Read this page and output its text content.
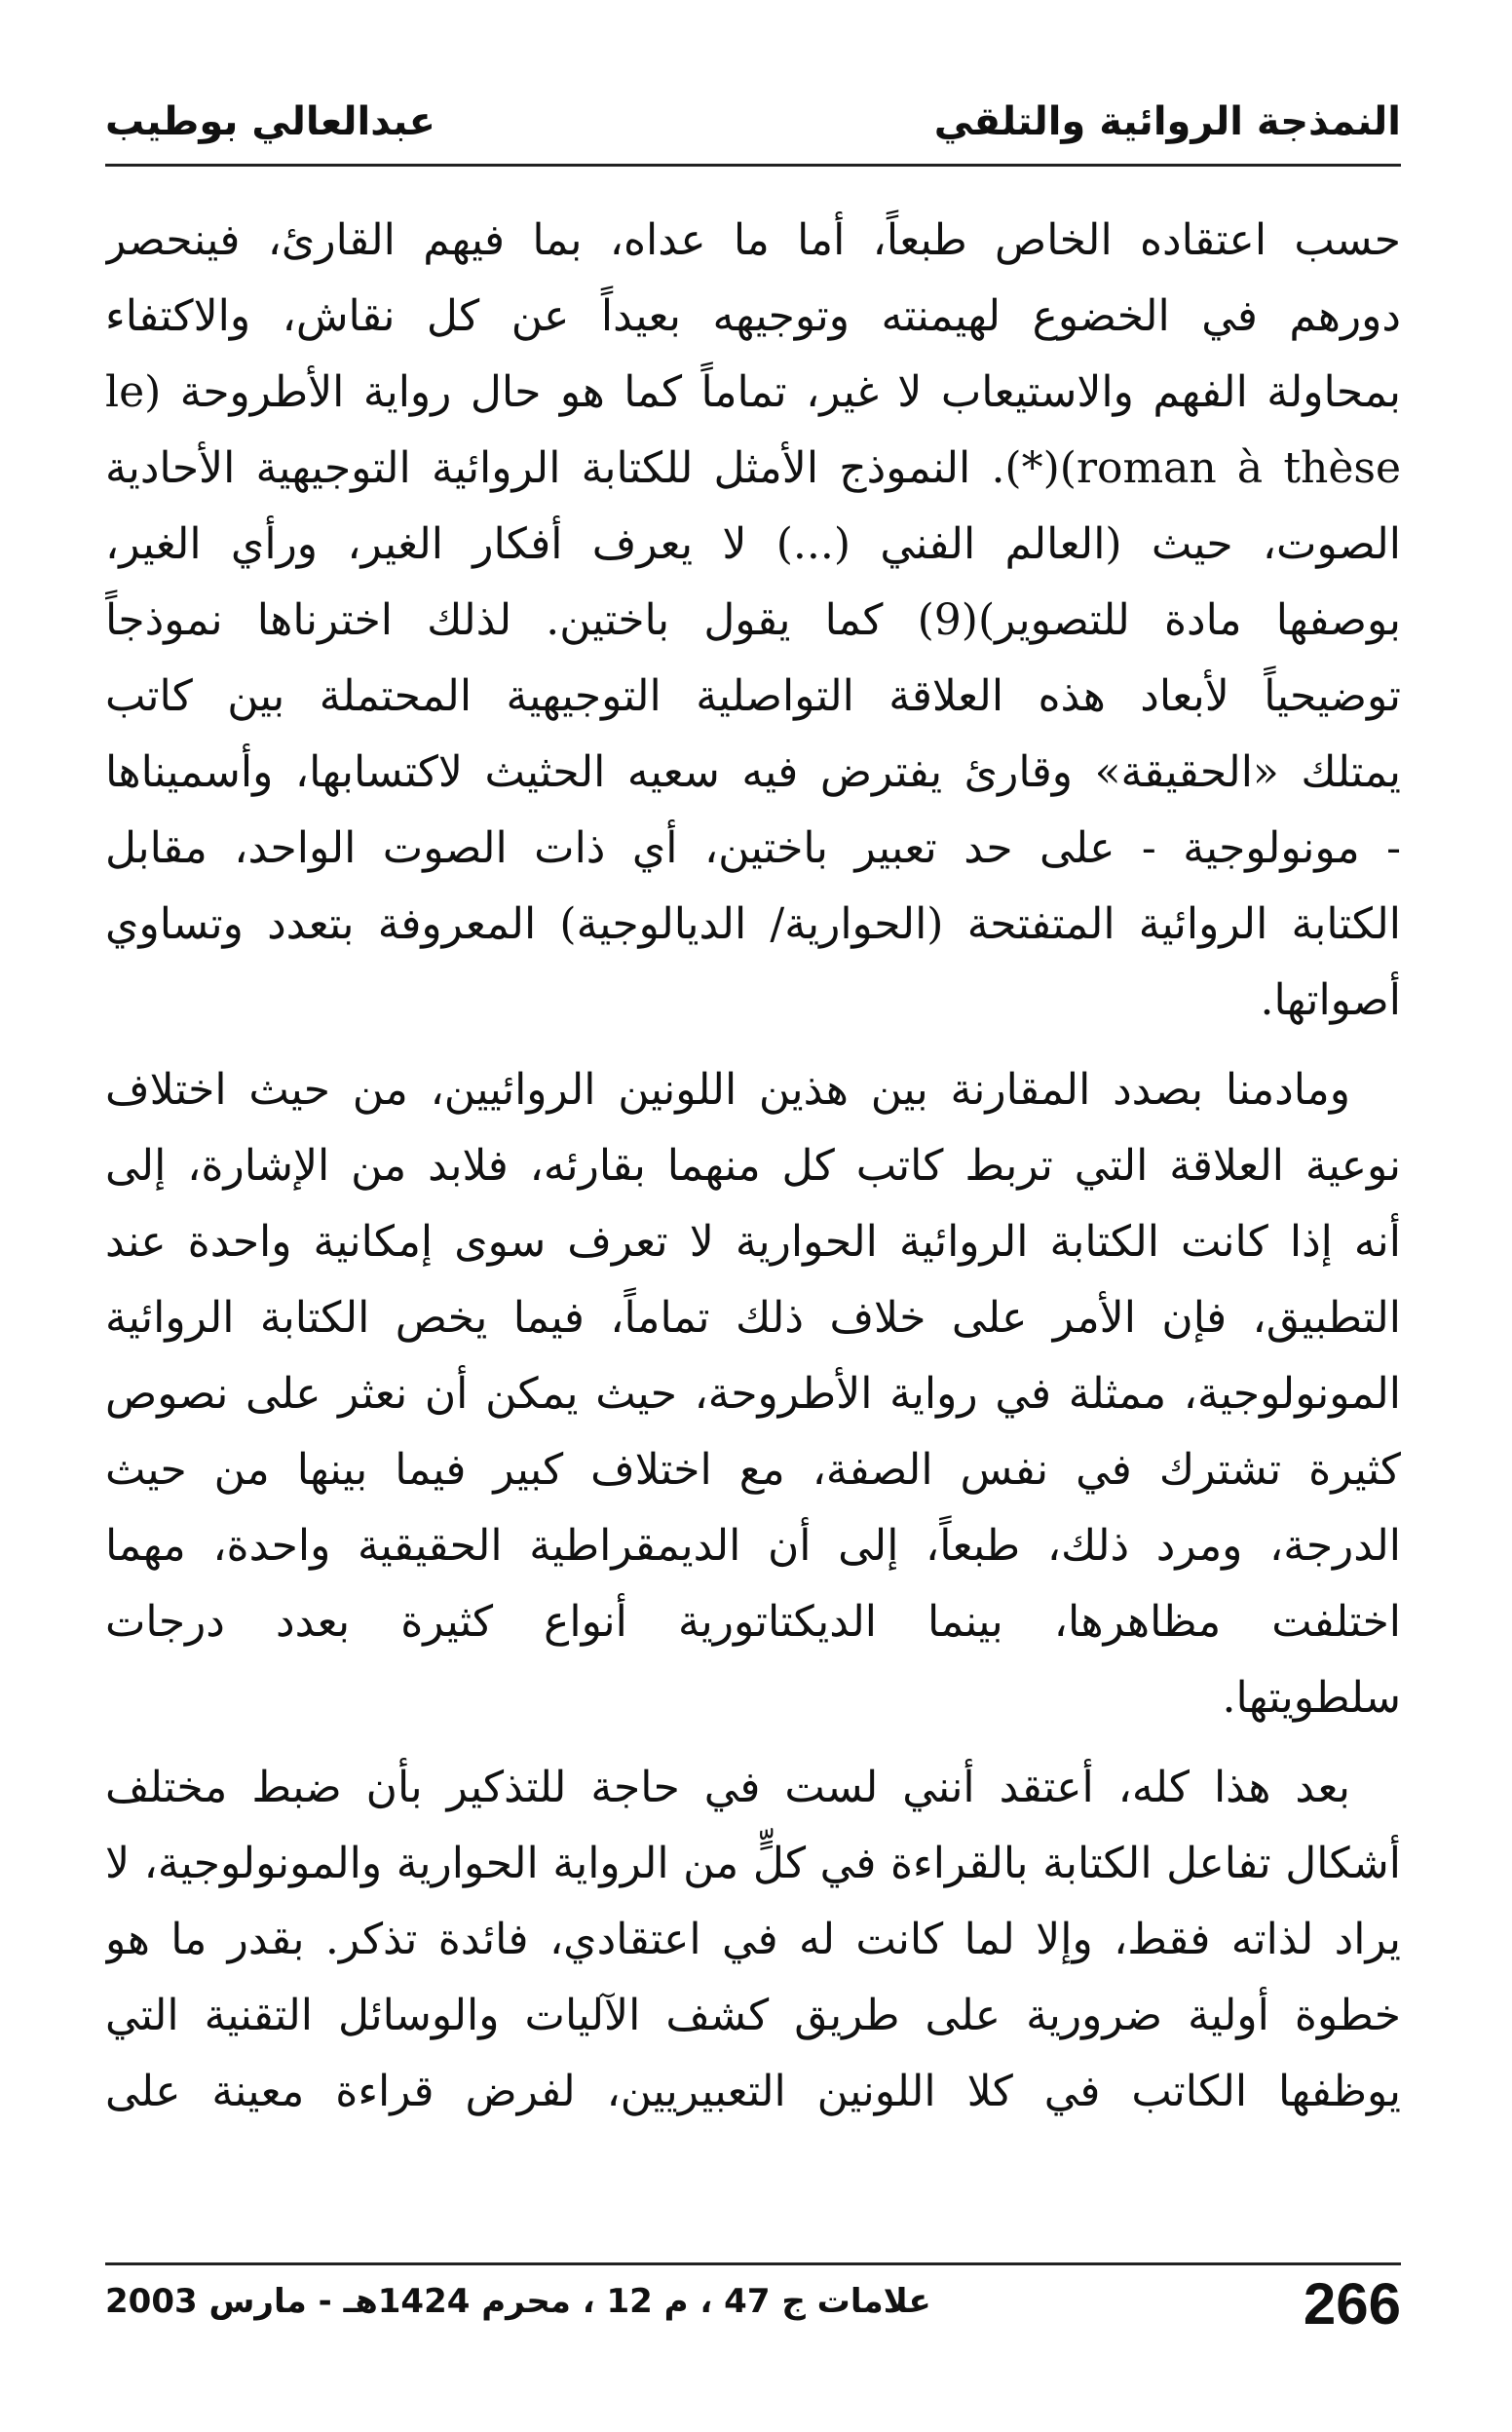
النمذجة الروائية والتلقي
عبدالعالي بوطيب
حسب اعتقاده الخاص طبعاً، أما ما عداه، بما فيهم القارئ، فينحصر
دورهم في الخضوع لهيمنته وتوجيهه بعيداً عن كل نقاش، والاكتفاء
بمحاولة الفهم والاستيعاب لا غير، تماماً كما هو حال رواية الأطروحة (le
roman à thèse)(*). النموذج الأمثل للكتابة الروائية التوجيهية الأحادية
الصوت، حيث (العالم الفني (...) لا يعرف أفكار الغير، ورأي الغير،
بوصفها مادة للتصوير)(9) كما يقول باختين. لذلك اخترناها نموذجاً
توضيحياً لأبعاد هذه العلاقة التواصلية التوجيهية المحتملة بين كاتب
يمتلك «الحقيقة» وقارئ يفترض فيه سعيه الحثيث لاكتسابها، وأسميناها
- مونولوجية - على حد تعبير باختين، أي ذات الصوت الواحد، مقابل
الكتابة الروائية المتفتحة (الحوارية/ الديالوجية) المعروفة بتعدد وتساوي
أصواتها.
ومادمنا بصدد المقارنة بين هذين اللونين الروائيين، من حيث اختلاف
نوعية العلاقة التي تربط كاتب كل منهما بقارئه، فلابد من الإشارة، إلى
أنه إذا كانت الكتابة الروائية الحوارية لا تعرف سوى إمكانية واحدة عند
التطبيق، فإن الأمر على خلاف ذلك تماماً، فيما يخص الكتابة الروائية
المونولوجية، ممثلة في رواية الأطروحة، حيث يمكن أن نعثر على نصوص
كثيرة تشترك في نفس الصفة، مع اختلاف كبير فيما بينها من حيث
الدرجة، ومرد ذلك، طبعاً، إلى أن الديمقراطية الحقيقية واحدة، مهما
اختلفت مظاهرها، بينما الديكتاتورية أنواع كثيرة بعدد درجات
سلطويتها.
بعد هذا كله، أعتقد أنني لست في حاجة للتذكير بأن ضبط مختلف
أشكال تفاعل الكتابة بالقراءة في كلٍّ من الرواية الحوارية والمونولوجية، لا
يراد لذاته فقط، وإلا لما كانت له في اعتقادي، فائدة تذكر. بقدر ما هو
خطوة أولية ضرورية على طريق كشف الآليات والوسائل التقنية التي
يوظفها الكاتب في كلا اللونين التعبيريين، لفرض قراءة معينة على
علامات ج 47 ، م 12 ، محرم 1424هـ - مارس 2003	266
